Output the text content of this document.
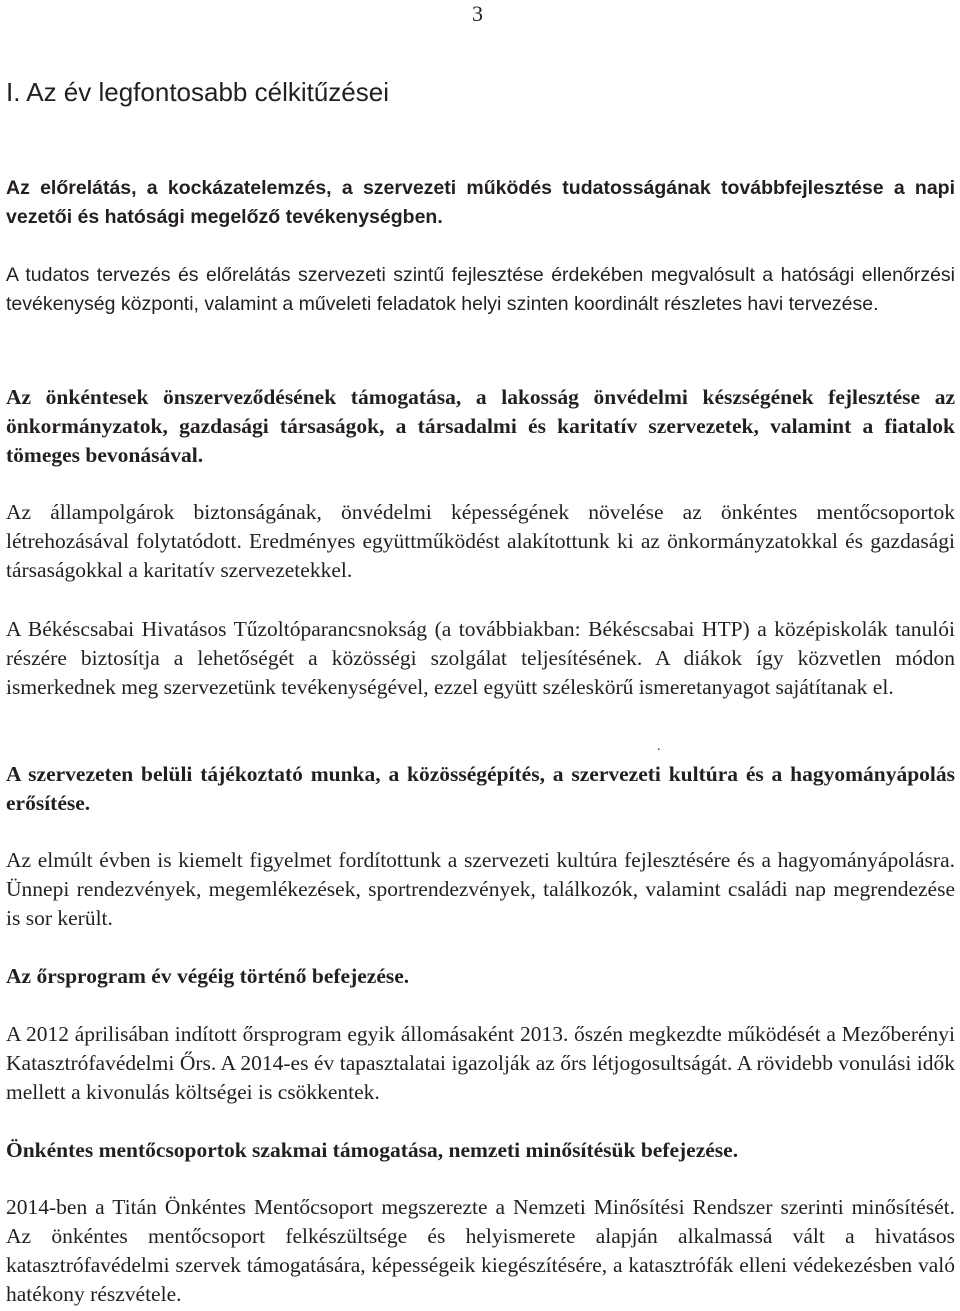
3
I. Az év legfontosabb célkitűzései

Az előrelátás, a kockázatelemzés, a szervezeti működés tudatosságának továbbfejlesztése a napi vezetői és hatósági megelőző tevékenységben.

A tudatos tervezés és előrelátás szervezeti szintű fejlesztése érdekében megvalósult a hatósági ellenőrzési tevékenység központi, valamint a műveleti feladatok helyi szinten koordinált részletes havi tervezése.

Az önkéntesek önszerveződésének támogatása, a lakosság önvédelmi készségének fejlesztése az önkormányzatok, gazdasági társaságok, a társadalmi és karitatív szervezetek, valamint a fiatalok tömeges bevonásával.

Az állampolgárok biztonságának, önvédelmi képességének növelése az önkéntes mentőcsoportok létrehozásával folytatódott. Eredményes együttműködést alakítottunk ki az önkormányzatokkal és gazdasági társaságokkal a karitatív szervezetekkel.

A Békéscsabai Hivatásos Tűzoltóparancsnokság (a továbbiakban: Békéscsabai HTP) a középiskolák tanulói részére biztosítja a lehetőségét a közösségi szolgálat teljesítésének. A diákok így közvetlen módon ismerkednek meg szervezetünk tevékenységével, ezzel együtt széleskörű ismeretanyagot sajátítanak el.

.

A szervezeten belüli tájékoztató munka, a közösségépítés, a szervezeti kultúra és a hagyományápolás erősítése.

Az elmúlt évben is kiemelt figyelmet fordítottunk a szervezeti kultúra fejlesztésére és a hagyományápolásra. Ünnepi rendezvények, megemlékezések, sportrendezvények, találkozók, valamint családi nap megrendezése is sor került.

Az őrsprogram év végéig történő befejezése.

A 2012 áprilisában indított őrsprogram egyik állomásaként 2013. őszén megkezdte működését a Mezőberényi Katasztrófavédelmi Őrs. A 2014-es év tapasztalatai igazolják az őrs létjogosultságát. A rövidebb vonulási idők mellett a kivonulás költségei is csökkentek.

Önkéntes mentőcsoportok szakmai támogatása, nemzeti minősítésük befejezése.

2014-ben a Titán Önkéntes Mentőcsoport megszerezte a Nemzeti Minősítési Rendszer szerinti minősítését. Az önkéntes mentőcsoport felkészültsége és helyismerete alapján alkalmassá vált a hivatásos katasztrófavédelmi szervek támogatására, képességeik kiegészítésére, a katasztrófák elleni védekezésben való hatékony részvétele.
